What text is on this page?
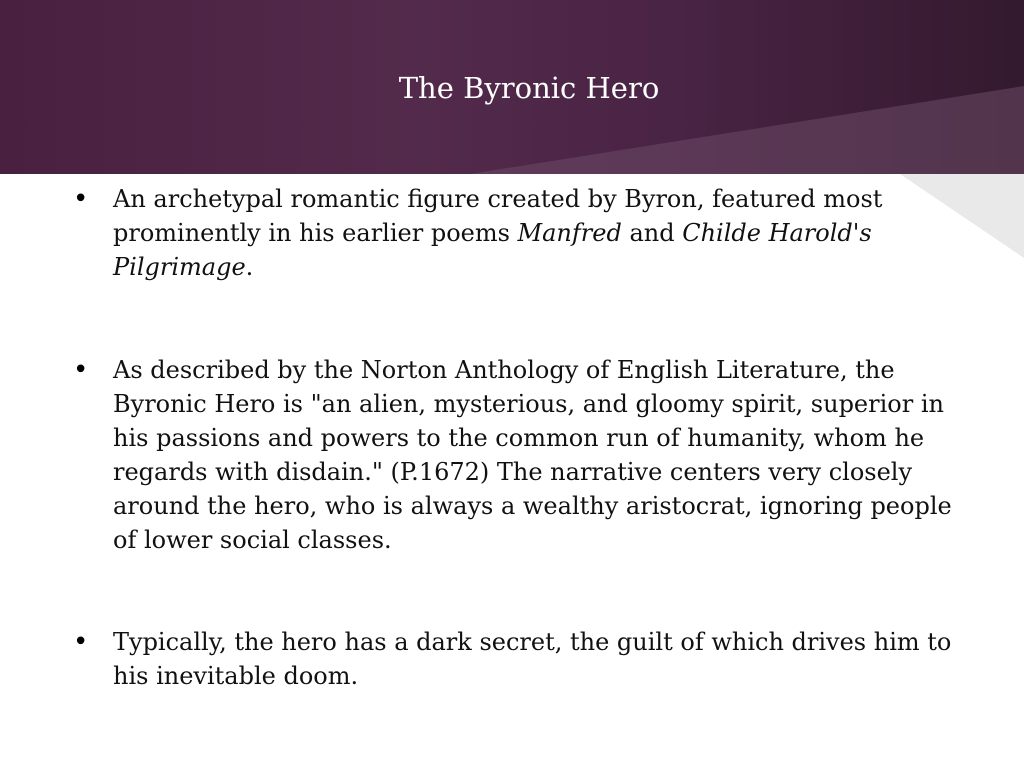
The Byronic Hero
• An archetypal romantic figure created by Byron, featured most prominently in his earlier poems Manfred and Childe Harold's Pilgrimage.
• As described by the Norton Anthology of English Literature, the Byronic Hero is "an alien, mysterious, and gloomy spirit, superior in his passions and powers to the common run of humanity, whom he regards with disdain." (P.1672) The narrative centers very closely around the hero, who is always a wealthy aristocrat, ignoring people of lower social classes.
• Typically, the hero has a dark secret, the guilt of which drives him to his inevitable doom.
